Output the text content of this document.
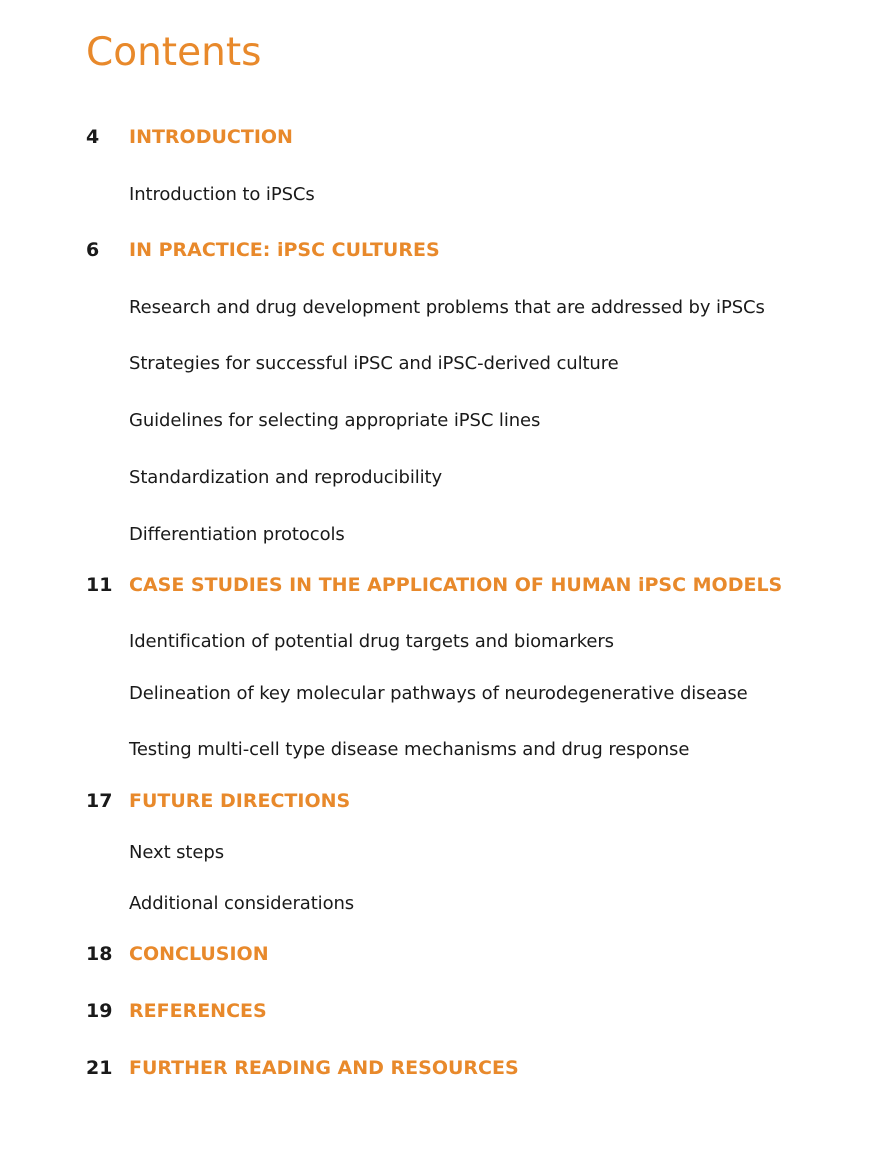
Contents
4 INTRODUCTION
Introduction to iPSCs
6 IN PRACTICE: iPSC CULTURES
Research and drug development problems that are addressed by iPSCs
Strategies for successful iPSC and iPSC-derived culture
Guidelines for selecting appropriate iPSC lines
Standardization and reproducibility
Differentiation protocols
11 CASE STUDIES IN THE APPLICATION OF HUMAN iPSC MODELS
Identification of potential drug targets and biomarkers
Delineation of key molecular pathways of neurodegenerative disease
Testing multi-cell type disease mechanisms and drug response
17 FUTURE DIRECTIONS
Next steps
Additional considerations
18 CONCLUSION
19 REFERENCES
21 FURTHER READING AND RESOURCES
